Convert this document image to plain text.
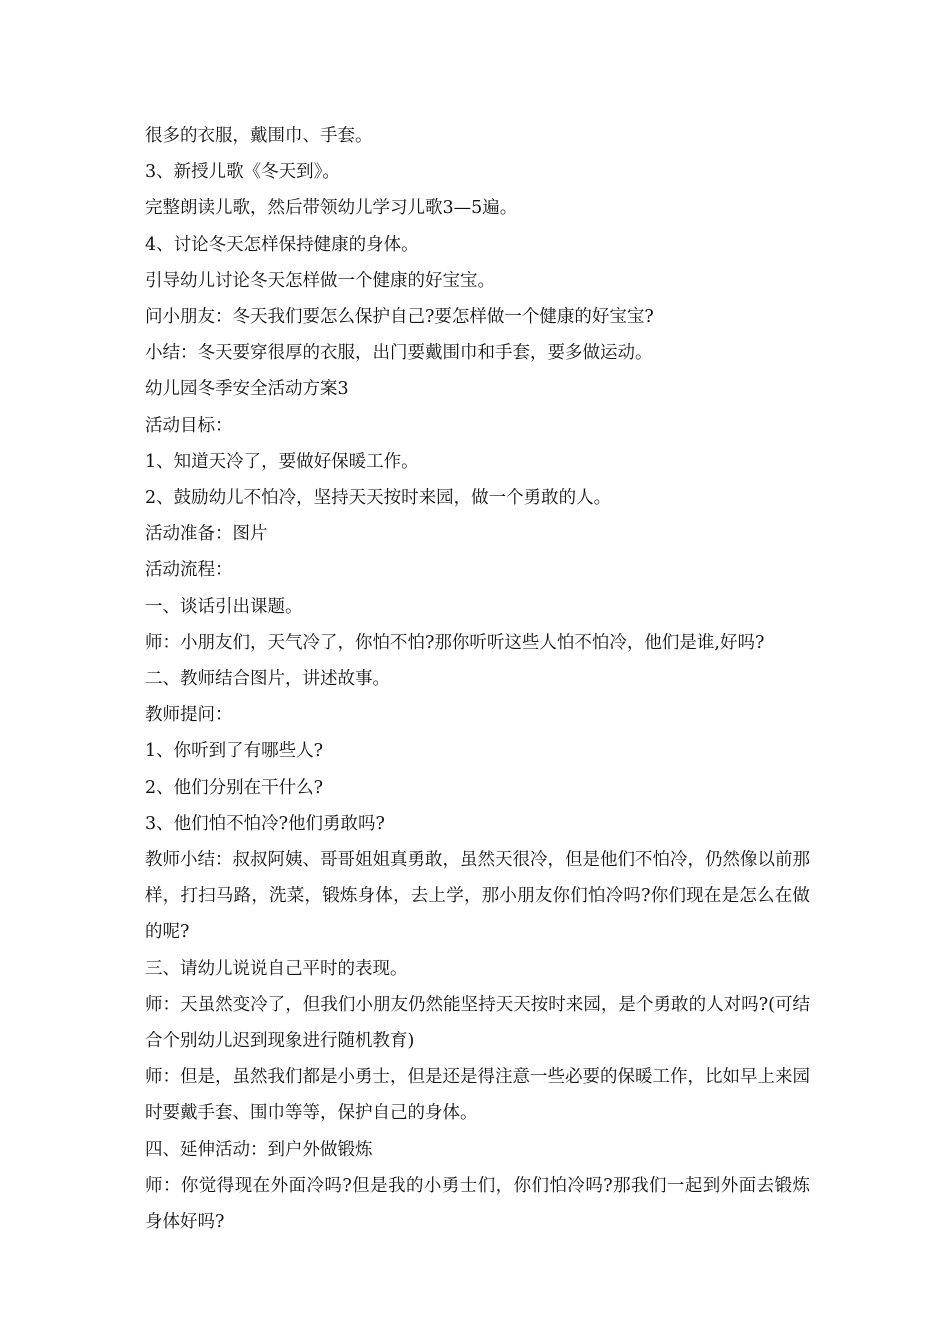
很多的衣服，戴围巾、手套。

3、新授儿歌《冬天到》。

完整朗读儿歌，然后带领幼儿学习儿歌3—5遍。

4、讨论冬天怎样保持健康的身体。

引导幼儿讨论冬天怎样做一个健康的好宝宝。

问小朋友：冬天我们要怎么保护自己?要怎样做一个健康的好宝宝?

小结：冬天要穿很厚的衣服，出门要戴围巾和手套，要多做运动。

幼儿园冬季安全活动方案3

活动目标：

1、知道天冷了，要做好保暖工作。

2、鼓励幼儿不怕冷，坚持天天按时来园，做一个勇敢的人。

活动准备：图片

活动流程：

一、谈话引出课题。

师：小朋友们，天气冷了，你怕不怕?那你听听这些人怕不怕冷，他们是谁,好吗?

二、教师结合图片，讲述故事。

教师提问：

1、你听到了有哪些人?

2、他们分别在干什么?

3、他们怕不怕冷?他们勇敢吗?

教师小结：叔叔阿姨、哥哥姐姐真勇敢，虽然天很冷，但是他们不怕冷，仍然像以前那样，打扫马路，洗菜，锻炼身体，去上学，那小朋友你们怕冷吗?你们现在是怎么在做的呢?

三、请幼儿说说自己平时的表现。

师：天虽然变冷了，但我们小朋友仍然能坚持天天按时来园，是个勇敢的人对吗?(可结合个别幼儿迟到现象进行随机教育)

师：但是，虽然我们都是小勇士，但是还是得注意一些必要的保暖工作，比如早上来园时要戴手套、围巾等等，保护自己的身体。

四、延伸活动：到户外做锻炼

师：你觉得现在外面冷吗?但是我的小勇士们，你们怕冷吗?那我们一起到外面去锻炼身体好吗?
